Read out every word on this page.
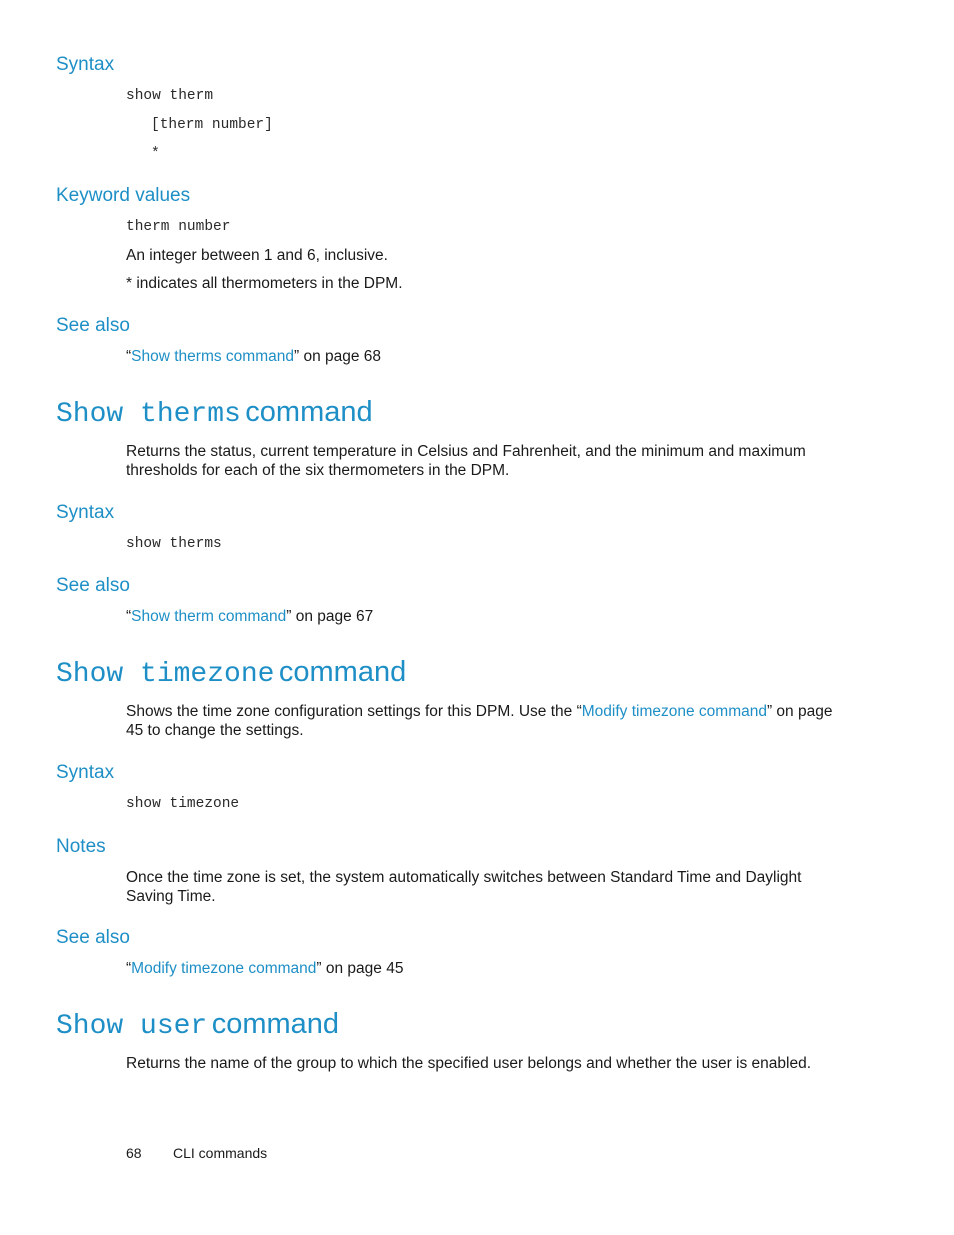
Syntax
show therm
[therm number]
*
Keyword values
therm number
An integer between 1 and 6, inclusive.
* indicates all thermometers in the DPM.
See also
“Show therms command” on page 68
Show therms command
Returns the status, current temperature in Celsius and Fahrenheit, and the minimum and maximum
thresholds for each of the six thermometers in the DPM.
Syntax
show therms
See also
“Show therm command” on page 67
Show timezone command
Shows the time zone configuration settings for this DPM. Use the “Modify timezone command” on page
45 to change the settings.
Syntax
show timezone
Notes
Once the time zone is set, the system automatically switches between Standard Time and Daylight
Saving Time.
See also
“Modify timezone command” on page 45
Show user command
Returns the name of the group to which the specified user belongs and whether the user is enabled.
68 CLI commands
